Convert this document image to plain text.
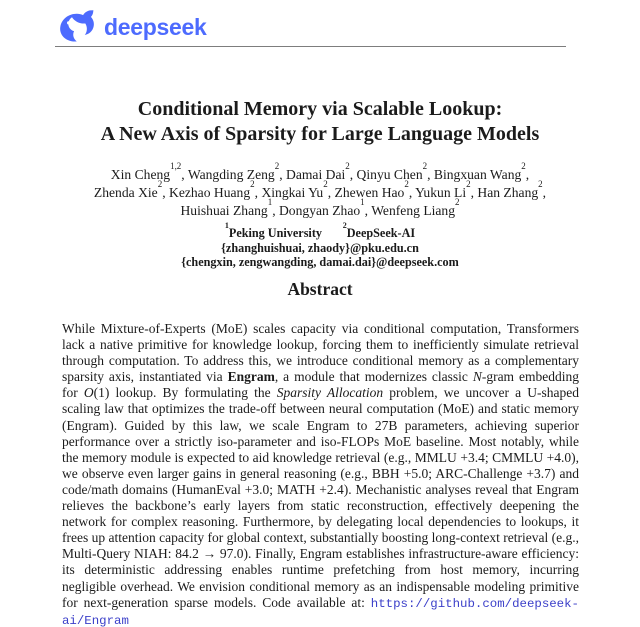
deepseek
Conditional Memory via Scalable Lookup:
A New Axis of Sparsity for Large Language Models
Xin Cheng$^{1,2}$, Wangding Zeng$^2$, Damai Dai$^2$, Qinyu Chen$^2$, Bingxuan Wang$^2$,
Zhenda Xie$^2$, Kezhao Huang$^2$, Xingkai Yu$^2$, Zhewen Hao$^2$, Yukun Li$^2$, Han Zhang$^2$,
Huishuai Zhang$^1$, Dongyan Zhao$^1$, Wenfeng Liang$^2$
$^1$Peking University$^2$DeepSeek-AI
{zhanghuishuai, zhaody}@pku.edu.cn
{chengxin, zengwangding, damai.dai}@deepseek.com
Abstract

While Mixture-of-Experts (MoE) scales capacity via conditional computation, Transformers lack a native primitive for knowledge lookup, forcing them to inefficiently simulate retrieval through computation. To address this, we introduce conditional memory as a complementary sparsity axis, instantiated via Engram, a module that modernizes classic N-gram embedding for O(1) lookup. By formulating the Sparsity Allocation problem, we uncover a U-shaped scaling law that optimizes the trade-off between neural computation (MoE) and static memory (Engram). Guided by this law, we scale Engram to 27B parameters, achieving superior performance over a strictly iso-parameter and iso-FLOPs MoE baseline. Most notably, while the memory module is expected to aid knowledge retrieval (e.g., MMLU +3.4; CMMLU +4.0), we observe even larger gains in general reasoning (e.g., BBH +5.0; ARC-Challenge +3.7) and code/math domains (HumanEval +3.0; MATH +2.4). Mechanistic analyses reveal that Engram relieves the backbone’s early layers from static reconstruction, effectively deepening the network for complex reasoning. Furthermore, by delegating local dependencies to lookups, it frees up attention capacity for global context, substantially boosting long-context retrieval (e.g., Multi-Query NIAH: 84.2 → 97.0). Finally, Engram establishes infrastructure-aware efficiency: its deterministic addressing enables runtime prefetching from host memory, incurring negligible overhead. We envision conditional memory as an indispensable modeling primitive for next-generation sparse models. Code available at: https://github.com/deepseek-ai/Engram
